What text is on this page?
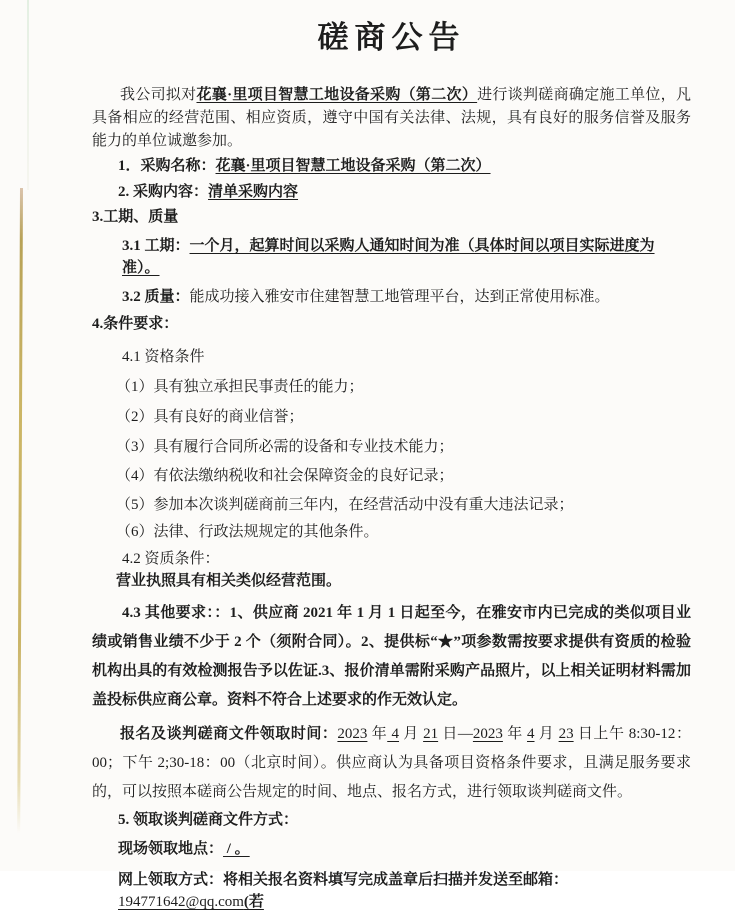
磋商公告

我公司拟对花襄·里项目智慧工地设备采购（第二次）进行谈判磋商确定施工单位，凡具备相应的经营范围、相应资质，遵守中国有关法律、法规，具有良好的服务信誉及服务能力的单位诚邀参加。

1．采购名称：花襄·里项目智慧工地设备采购（第二次）

2. 采购内容：清单采购内容

3.工期、质量

3.1 工期：一个月，起算时间以采购人通知时间为准（具体时间以项目实际进度为准）。

3.2 质量：能成功接入雅安市住建智慧工地管理平台，达到正常使用标准。

4.条件要求：

4.1 资格条件

（1）具有独立承担民事责任的能力；

（2）具有良好的商业信誉；

（3）具有履行合同所必需的设备和专业技术能力；

（4）有依法缴纳税收和社会保障资金的良好记录；

（5）参加本次谈判磋商前三年内，在经营活动中没有重大违法记录；

（6）法律、行政法规规定的其他条件。

4.2 资质条件：

营业执照具有相关类似经营范围。

4.3 其他要求：：1、供应商 2021 年 1 月 1 日起至今，在雅安市内已完成的类似项目业绩或销售业绩不少于 2 个（须附合同）。2、提供标“★”项参数需按要求提供有资质的检验机构出具的有效检测报告予以佐证.3、报价清单需附采购产品照片，以上相关证明材料需加盖投标供应商公章。资料不符合上述要求的作无效认定。

报名及谈判磋商文件领取时间：2023 年 4 月 21 日—2023 年 4 月 23 日上午 8:30-12：00；下午 2;30-18：00（北京时间）。供应商认为具备项目资格条件要求，且满足服务要求的，可以按照本磋商公告规定的时间、地点、报名方式，进行领取谈判磋商文件。

5. 领取谈判磋商文件方式：

现场领取地点： / 。

网上领取方式：将相关报名资料填写完成盖章后扫描并发送至邮箱：194771642@qq.com(若
